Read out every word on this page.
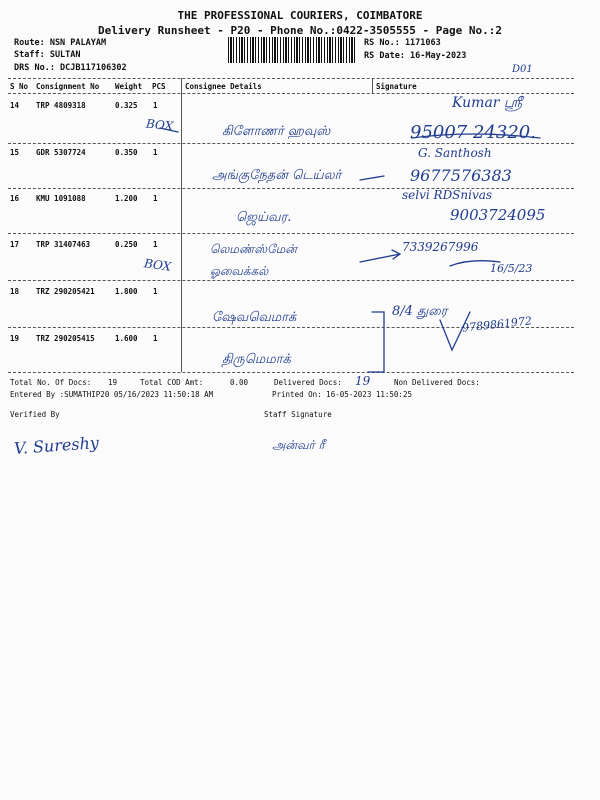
THE PROFESSIONAL COURIERS, COIMBATORE
Delivery Runsheet - P20 - Phone No.:0422-3505555 - Page No.:2
Route: NSN PALAYAM
Staff: SULTAN
DRS No.: DCJB117106302
RS No.: 1171063
RS Date: 16-May-2023
D01
S No Consignment No Weight PCS	Consignee Details	Signature
14 TRP 4809318	0.325 1
BOX	கிளோணர் ஹவுஸ்
Kumar ஸ்ரீ
95007 24320.
15 GDR 5307724	0.350 1
அங்குநேதன் டெய்லர்
G. Santhosh
9677576383
16 KMU 1091088	1.200 1
ஜெய்வர.
selvi RDSnivas
9003724095
17 TRP 31407463	0.250 1
BOX
லெமண்ஸ்மேன் ஓவைக்கல்
7339267996
16/5/23
18 TRZ 290205421	1.800 1
ஷேவவெமாக்	8/4 துரை
19 TRZ 290205415	1.600 1
திருமெமாக்
9789861972
Total No. Of Docs: 19	Total COD Amt:	0.00	Delivered Docs: 19	Non Delivered Docs:
Entered By :SUMATHIP20 05/16/2023 11:50:18 AM	Printed On: 16-05-2023 11:50:25
Verified By	Staff Signature
V. Sureshy	அன்வர் ரீ
